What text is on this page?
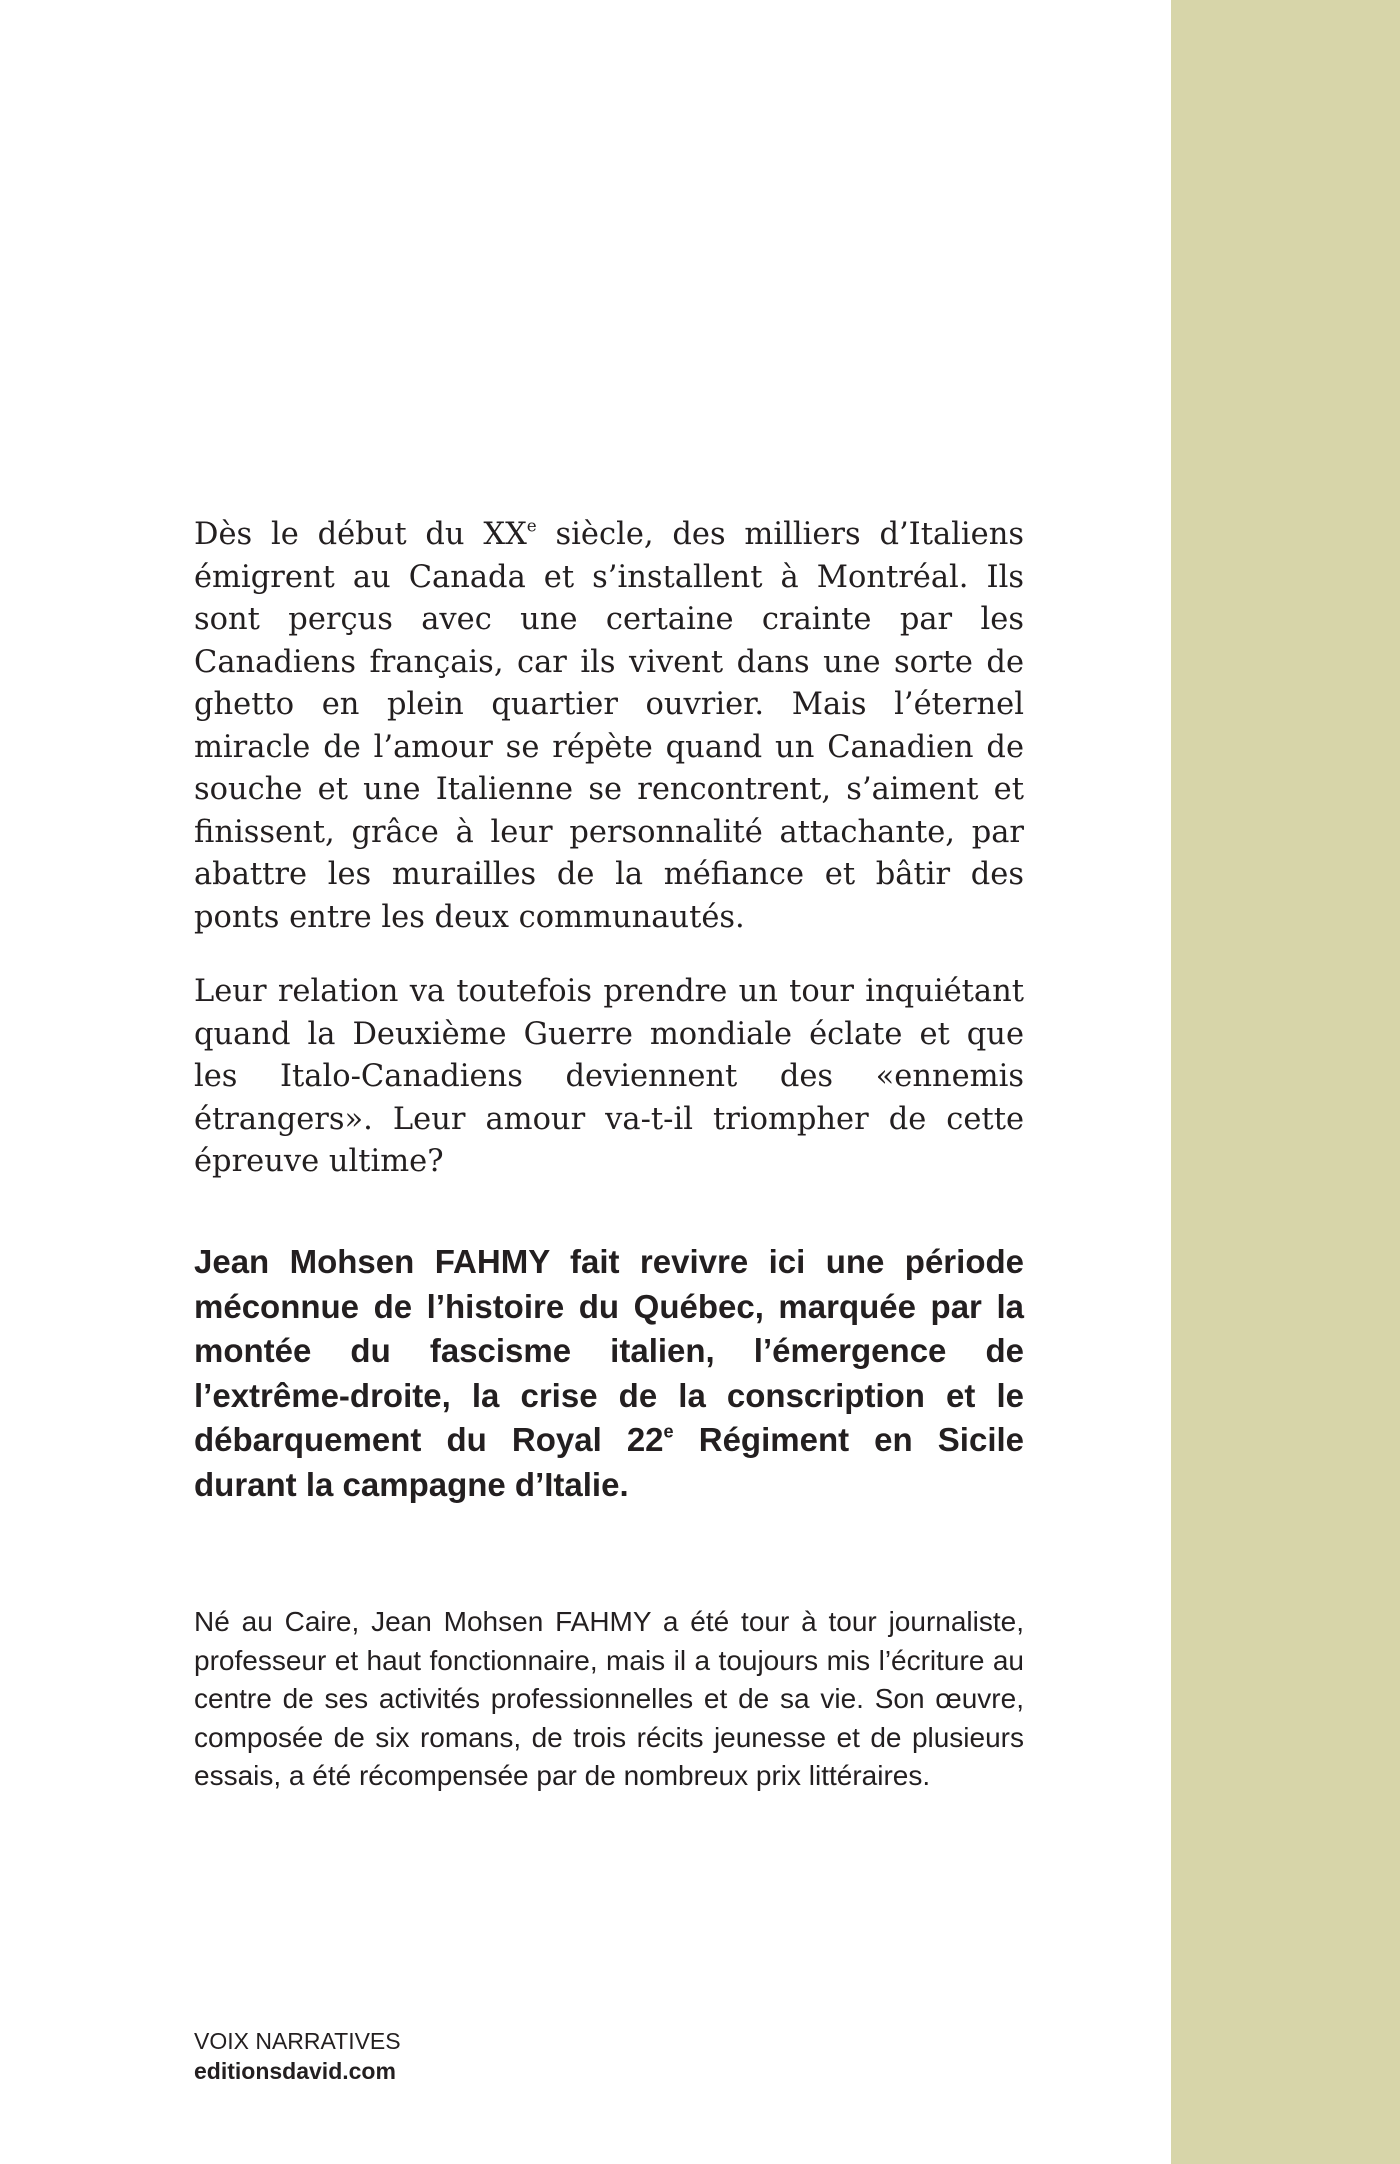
Dès le début du XXe siècle, des milliers d’Italiens émigrent au Canada et s’installent à Montréal. Ils sont perçus avec une certaine crainte par les Canadiens français, car ils vivent dans une sorte de ghetto en plein quartier ouvrier. Mais l’éternel miracle de l’amour se répète quand un Canadien de souche et une Italienne se rencontrent, s’aiment et finissent, grâce à leur personnalité attachante, par abattre les murailles de la méfiance et bâtir des ponts entre les deux communautés.

Leur relation va toutefois prendre un tour inquiétant quand la Deuxième Guerre mondiale éclate et que les Italo-Canadiens deviennent des «ennemis étrangers». Leur amour va-t-il triompher de cette épreuve ultime?

Jean Mohsen FAHMY fait revivre ici une période méconnue de l’histoire du Québec, marquée par la montée du fascisme italien, l’émergence de l’extrême-droite, la crise de la conscription et le débarquement du Royal 22e Régiment en Sicile durant la campagne d’Italie.

Né au Caire, Jean Mohsen FAHMY a été tour à tour journaliste, professeur et haut fonctionnaire, mais il a toujours mis l’écriture au centre de ses activités professionnelles et de sa vie. Son œuvre, composée de six romans, de trois récits jeunesse et de plusieurs essais, a été récompensée par de nombreux prix littéraires.

VOIX NARRATIVES
editionsdavid.com
